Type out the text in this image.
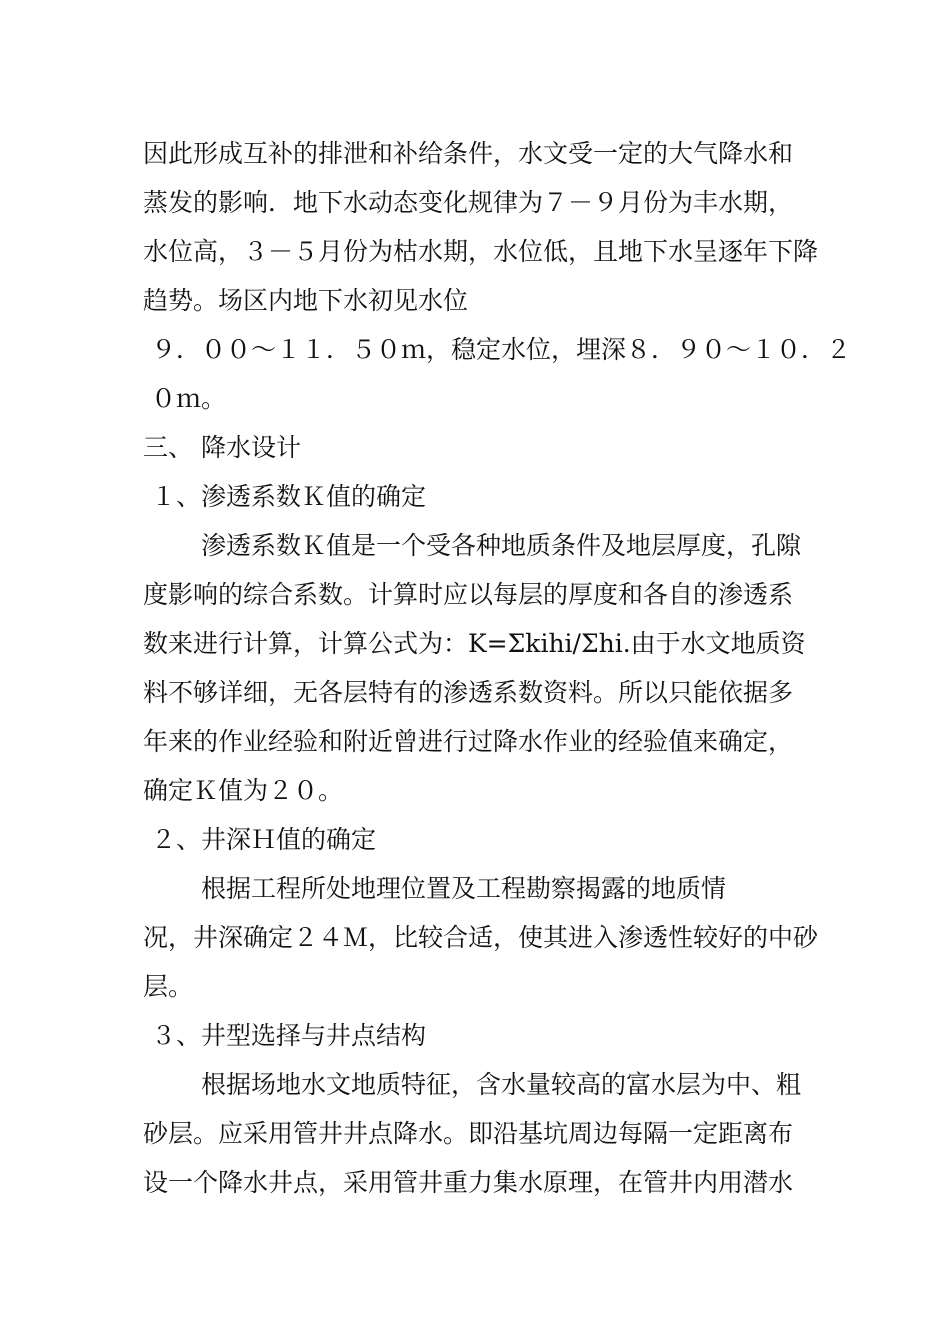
因此形成互补的排泄和补给条件，水文受一定的大气降水和
蒸发的影响．地下水动态变化规律为７－９月份为丰水期，
水位高，３－５月份为枯水期，水位低，且地下水呈逐年下降
趋势。场区内地下水初见水位
９．００～１１．５０ｍ，稳定水位，埋深８．９０～１０．２
０ｍ。
三、 降水设计
１、渗透系数Ｋ值的确定
渗透系数Ｋ值是一个受各种地质条件及地层厚度，孔隙
度影响的综合系数。计算时应以每层的厚度和各自的渗透系
数来进行计算，计算公式为：K=Σkihi/Σhi.由于水文地质资
料不够详细，无各层特有的渗透系数资料。所以只能依据多
年来的作业经验和附近曾进行过降水作业的经验值来确定，
确定Ｋ值为２０。
２、井深Ｈ值的确定
根据工程所处地理位置及工程勘察揭露的地质情
况，井深确定２４Ｍ，比较合适，使其进入渗透性较好的中砂
层。
３、井型选择与井点结构
根据场地水文地质特征，含水量较高的富水层为中、粗
砂层。应采用管井井点降水。即沿基坑周边每隔一定距离布
设一个降水井点，采用管井重力集水原理，在管井内用潜水
